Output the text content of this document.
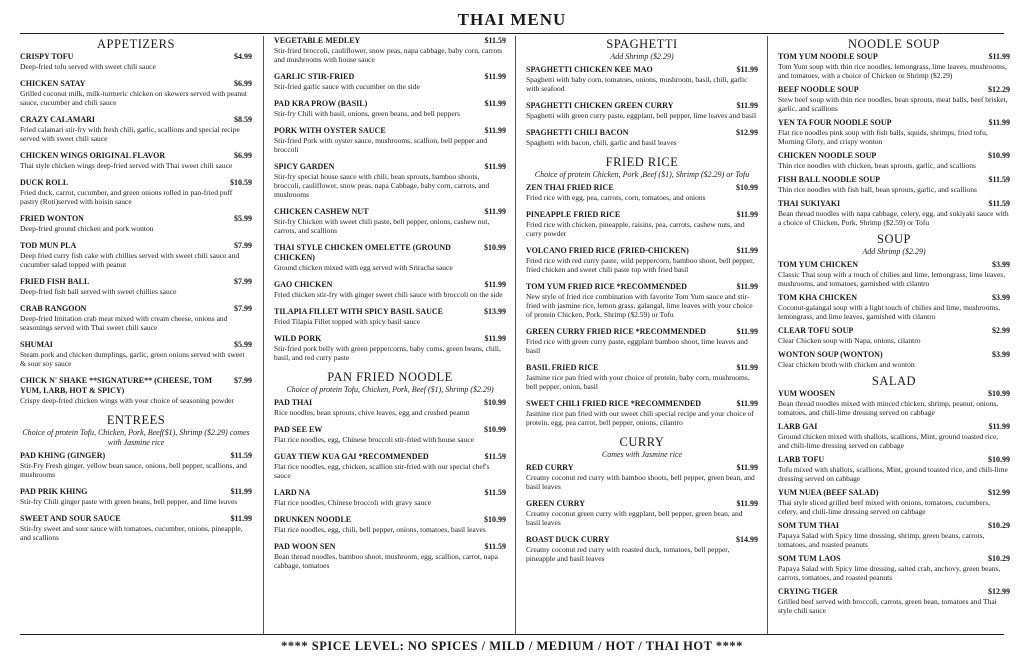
THAI MENU
APPETIZERS
CRISPY TOFU	$4.99
Deep-fried tofu served with sweet chili sauce
CHICKEN SATAY	$6.99
Grilled coconut milk, milk-turmeric chicken on skewers served with peanut sauce, cucumber and chili sauce
CRAZY CALAMARI	$8.59
Fried calamari stir-fry with fresh chili, garlic, scallions and special recipe served with sweet chili sauce
CHICKEN WINGS ORIGINAL FLAVOR	$6.99
Thai style chicken wings deep-fried served with Thai sweet chili sauce
DUCK ROLL	$10.59
Fried duck, carrot, cucumber, and green onions rolled in pan-fried puff pastry (Roti)served with hoisin sauce
FRIED WONTON	$5.99
Deep-fried ground chicken and pork wonton
TOD MUN PLA	$7.99
Deep fried curry fish cake with chillies served with sweet chili sauce and cucumber salad topped with peanut
FRIED FISH BALL	$7.99
Deep-fried fish ball served with sweet chillies sauce
CRAB RANGOON	$7.99
Deep-fried Imitation crab meat mixed with cream cheese, onions and seasonings served with Thai sweet chili sauce
SHUMAI	$5.99
Steam pork and chicken dumplings, garlic, green onions served with sweet & sour soy sauce
CHICK N' SHAKE **SIGNATURE** (CHEESE, TOM YUM, LARB, HOT & SPICY)
$7.99
Crispy deep-fried chicken wings with your choice of seasoning powder
ENTREES
Choice of protein Tofu, Chicken, Pork, Beef($1), Shrimp ($2.29) comes with Jasmine rice
PAD KHING (GINGER)	$11.59
Stir-Fry Fresh ginger, yellow bean sauce, onions, bell pepper, scallions, and mushrooms
PAD PRIK KHING	$11.99
Stir-fry Chili ginger paste with green beans, bell pepper, and lime leaves
SWEET AND SOUR SAUCE	$11.99
Stir-fry sweet and sour sauce with tomatoes, cucumber, onions, pineapple, and scallions
VEGETABLE MEDLEY	$11.59
Stir-fried broccoli, cauliflower, snow peas, napa cabbage, baby corn, carrots and mushrooms with house sauce
GARLIC STIR-FRIED	$11.99
Stir-fried garlic sauce with cucumber on the side
PAD KRA PROW (BASIL)	$11.99
Stir-fry Chili with basil, onions, green beans, and bell peppers
PORK WITH OYSTER SAUCE	$11.99
Stir-fried Pork with oyster sauce, mushrooms, scallion, bell pepper and broccoli
SPICY GARDEN	$11.99
Stir-fry special house sauce with chili, bean sprouts, bamboo shoots, broccoli, cauliflower, snow peas, napa Cabbage, baby corn, carrots, and mushrooms
CHICKEN CASHEW NUT	$11.99
Stir-fry Chicken with sweet chili paste, bell pepper, onions, cashew nut, carrots, and scallions
THAI STYLE CHICKEN OMELETTE (GROUND CHICKEN)
$10.99
Ground chicken mixed with egg served with Sriracha sauce
GAO CHICKEN	$11.99
Fried chicken stir-fry with ginger sweet chili sauce with broccoli on the side
TILAPIA FILLET WITH SPICY BASIL SAUCE	$13.99
Fried Tilapia Fillet topped with spicy basil sauce
WILD PORK	$11.99
Stir-fried pork belly with green peppercorns, baby corns, green beans, chili, basil, and red curry paste
PAN FRIED NOODLE
Choice of protein Tofu, Chicken, Pork, Beef ($1), Shrimp ($2.29)
PAD THAI	$10.99
Rice noodles, bean sprouts, chive leaves, egg and crushed peanut
PAD SEE EW	$10.99
Flat rice noodles, egg, Chinese broccoli stir-fried with house sauce
GUAY TIEW KUA GAI *RECOMMENDED	$11.59
Flat rice noodles, egg, chicken, scallion stir-fried with our special chef's sauce
LARD NA	$11.59
Flat rice noodles, Chinese broccoli with gravy sauce
DRUNKEN NOODLE	$10.99
Flat rice noodles, egg, chili, bell pepper, onions, tomatoes, basil leaves
PAD WOON SEN	$11.59
Bean thread noodles, bamboo shoot, mushroom, egg, scallion, carrot, napa cabbage, tomatoes
SPAGHETTI
Add Shrimp ($2.29)
SPAGHETTI CHICKEN KEE MAO	$11.99
Spaghetti with baby corn, tomatoes, onions, mushroom, basil, chili, garlic with seafood
SPAGHETTI CHICKEN GREEN CURRY	$11.99
Spaghetti with green curry paste, eggplant, bell pepper, lime leaves and basil
SPAGHETTI CHILI BACON	$12.99
Spaghetti with bacon, chili, garlic and basil leaves
FRIED RICE
Choice of protein Chicken, Pork ,Beef ($1), Shrimp ($2.29) or Tofu
ZEN THAI FRIED RICE	$10.99
Fried rice with egg, pea, carrots, corn, tomatoes, and onions
PINEAPPLE FRIED RICE	$11.99
Fried rice with chicken, pineapple, raisins, pea, carrots, cashew nuts, and curry powder
VOLCANO FRIED RICE (FRIED-CHICKEN)	$11.99
Fried rice with red curry paste, wild peppercorn, bamboo shoot, bell pepper, fried chicken and sweet chili paste top with fried basil
TOM YUM FRIED RICE *RECOMMENDED	$11.99
New style of fried rice combination with favorite Tom Yum sauce and stir-fried with jasmine rice, lemon grass, galangal, lime leaves with your choice of protein Chicken, Pork, Shrimp ($2.59) or Tofu
GREEN CURRY FRIED RICE *RECOMMENDED	$11.99
Fried rice with green curry paste, eggplant bamboo shoot, lime leaves and basil
BASIL FRIED RICE	$11.99
Jasmine rice pan fried with your choice of protein, baby corn, mushrooms, bell pepper, onion, basil
SWEET CHILI FRIED RICE *RECOMMENDED	$11.99
Jasmine rice pan fried with our sweet chili special recipe and your choice of protein, egg, pea carrot, bell pepper, onions, cilantro
CURRY
Comes with Jasmine rice
RED CURRY	$11.99
Creamy coconut red curry with bamboo shoots, bell pepper, green bean, and basil leaves
GREEN CURRY	$11.99
Creamy coconut green curry with eggplant, bell pepper, green bean, and basil leaves
ROAST DUCK CURRY	$14.99
Creamy coconut red curry with roasted duck, tomatoes, bell pepper, pineapple and basil leaves
NOODLE SOUP
TOM YUM NOODLE SOUP	$11.99
Tom Yum soup with thin rice noodles, lemongrass, lime leaves, mushrooms, and tomatoes, with a choice of Chicken or Shrimp ($2.29)
BEEF NOODLE SOUP	$12.29
Stew beef soup with thin rice noodles, bean sprouts, meat balls, beef brisket, garlic, and scallions
YEN TA FOUR NOODLE SOUP	$11.99
Flat rice noodles pink soup with fish balls, squids, shrimps, fried tofu, Morning Glory, and crispy wonton
CHICKEN NOODLE SOUP	$10.99
Thin rice noodles with chicken, bean sprouts, garlic, and scallions
FISH BALL NOODLE SOUP	$11.59
Thin rice noodles with fish ball, bean sprouts, garlic, and scallions
THAI SUKIYAKI	$11.59
Bean thread noodles with napa cabbage, celery, egg, and sukiyaki sauce with a choice of Chicken, Pork, Shrimp ($2.59) or Tofu
SOUP
Add Shrimp ($2.29)
TOM YUM CHICKEN	$3.99
Classic Thai soup with a touch of chilies and lime, lemongrass, lime leaves, mushrooms, and tomatoes, garnished with cilantro
TOM KHA CHICKEN	$3.99
Coconut-galangal soup with a light touch of chilies and lime, mushrooms, lemongrass, and lime leaves, garnished with cilantro
CLEAR TOFU SOUP	$2.99
Clear Chicken soup with Napa, onions, cilantro
WONTON SOUP (WONTON)	$3.99
Clear chicken broth with chicken and wonton
SALAD
YUM WOOSEN	$10.99
Bean thread noodles mixed with minced chicken, shrimp, peanut, onions, tomatoes, and chili-lime dressing served on cabbage
LARB GAI	$11.99
Ground chicken mixed with shallots, scallions, Mint, ground toasted rice, and chili-lime dressing served on cabbage
LARB TOFU	$10.99
Tofu mixed with shallots, scallions, Mint, ground toasted rice, and chili-lime dressing served on cabbage
YUM NUEA (BEEF SALAD)	$12.99
Thai style sliced grilled beef mixed with onions, tomatoes, cucumbers, celery, and chili-lime dressing served on cabbage
SOM TUM THAI	$10.29
Papaya Salad with Spicy lime dressing, shrimp, green beans, carrots, tomatoes, and roasted peanuts
SOM TUM LAOS	$10.29
Papaya Salad with Spicy lime dressing, salted crab, anchovy, green beans, carrots, tomatoes, and roasted peanuts
CRYING TIGER	$12.99
Grilled beef served with broccoli, carrots, green bean, tomatoes and Thai style chili sauce
**** SPICE LEVEL: NO SPICES / MILD / MEDIUM / HOT / THAI HOT ****
